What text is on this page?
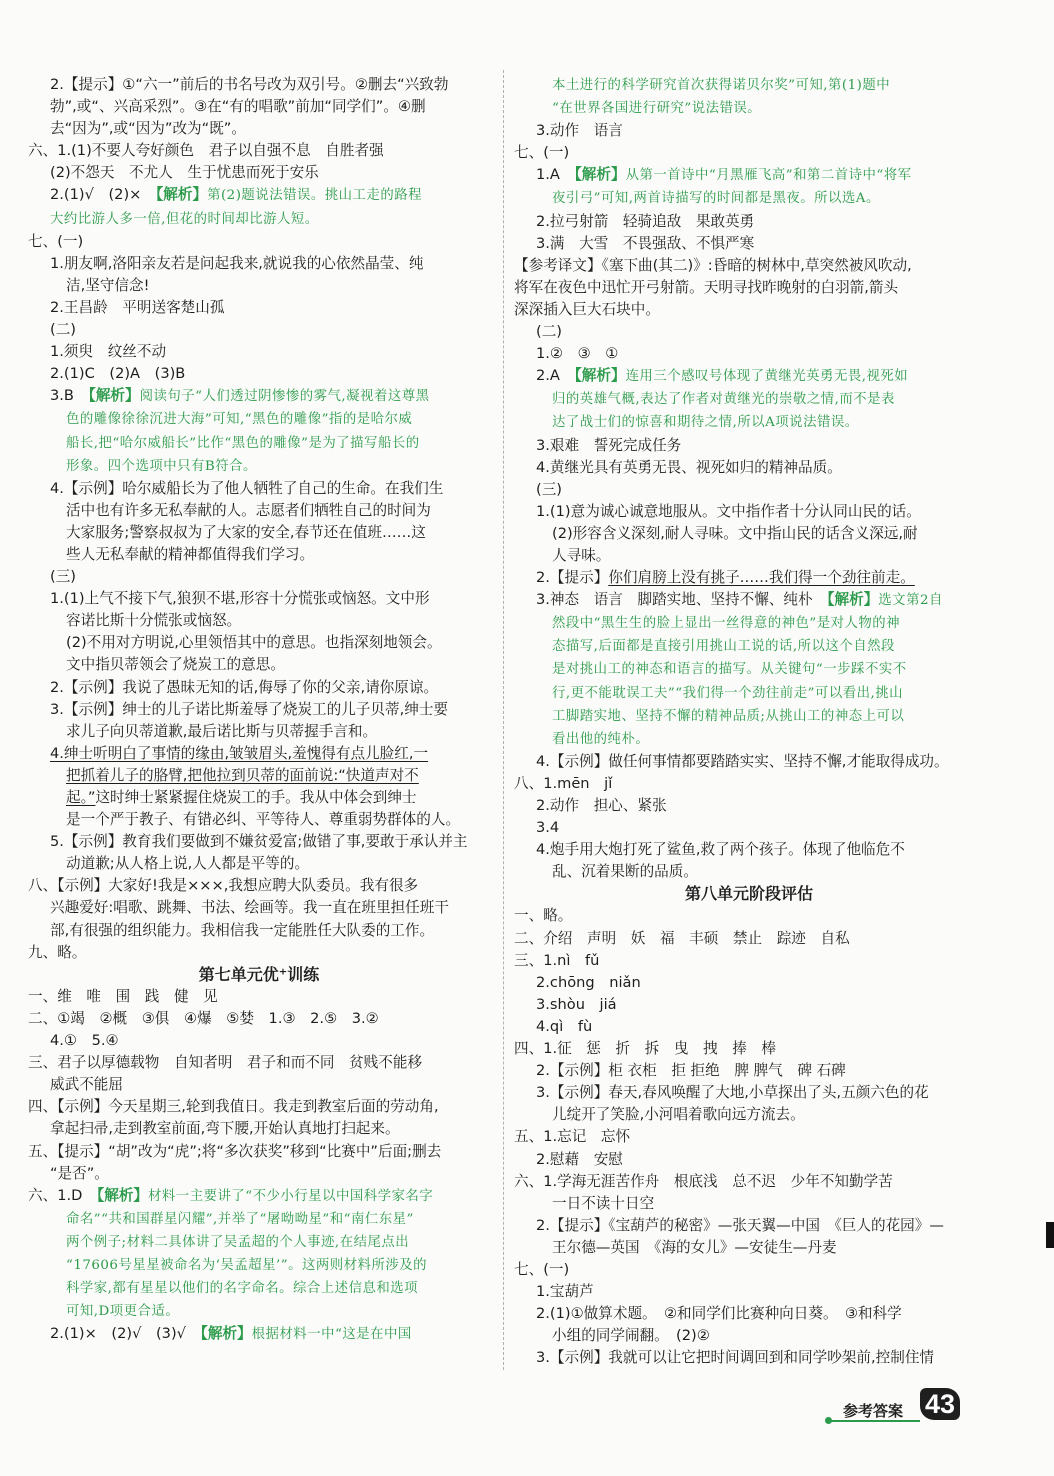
2.【提示】①“六一”前后的书名号改为双引号。②删去“兴致勃
勃”,或“、兴高采烈”。③在“有的唱歌”前加“同学们”。④删
去“因为”,或“因为”改为“既”。
六、1.(1)不要人夸好颜色　君子以自强不息　自胜者强
(2)不怨天　不尤人　生于忧患而死于安乐
2.(1)√　(2)×　【解析】第(2)题说法错误。挑山工走的路程
大约比游人多一倍,但花的时间却比游人短。
七、(一)
1.朋友啊,洛阳亲友若是问起我来,就说我的心依然晶莹、纯
洁,坚守信念!
2.王昌龄　平明送客楚山孤
(二)
1.须臾　纹丝不动
2.(1)C　(2)A　(3)B
3.B　【解析】阅读句子“人们透过阴惨惨的雾气,凝视着这尊黑
色的雕像徐徐沉进大海”可知,“黑色的雕像”指的是哈尔威
船长,把“哈尔威船长”比作“黑色的雕像”是为了描写船长的
形象。四个选项中只有B符合。
4.【示例】哈尔威船长为了他人牺牲了自己的生命。在我们生
活中也有许多无私奉献的人。志愿者们牺牲自己的时间为
大家服务;警察叔叔为了大家的安全,春节还在值班……这
些人无私奉献的精神都值得我们学习。
(三)
1.(1)上气不接下气,狼狈不堪,形容十分慌张或恼怒。文中形
容诺比斯十分慌张或恼怒。
(2)不用对方明说,心里领悟其中的意思。也指深刻地领会。
文中指贝蒂领会了烧炭工的意思。
2.【示例】我说了愚昧无知的话,侮辱了你的父亲,请你原谅。
3.【示例】绅士的儿子诺比斯羞辱了烧炭工的儿子贝蒂,绅士要
求儿子向贝蒂道歉,最后诺比斯与贝蒂握手言和。
4.绅士听明白了事情的缘由,皱皱眉头,羞愧得有点儿脸红,一
把抓着儿子的胳臂,把他拉到贝蒂的面前说:“快道声对不
起。”这时绅士紧紧握住烧炭工的手。我从中体会到绅士
是一个严于教子、有错必纠、平等待人、尊重弱势群体的人。
5.【示例】教育我们要做到不嫌贫爱富;做错了事,要敢于承认并主
动道歉;从人格上说,人人都是平等的。
八、【示例】大家好!我是×××,我想应聘大队委员。我有很多
兴趣爱好:唱歌、跳舞、书法、绘画等。我一直在班里担任班干
部,有很强的组织能力。我相信我一定能胜任大队委的工作。
九、略。
第七单元优⁺训练
一、维　唯　围　践　健　见
二、①竭　②概　③俱　④爆　⑤婪　1.③　2.⑤　3.②
4.①　5.④
三、君子以厚德载物　自知者明　君子和而不同　贫贱不能移
威武不能屈
四、【示例】今天星期三,轮到我值日。我走到教室后面的劳动角,
拿起扫帚,走到教室前面,弯下腰,开始认真地打扫起来。
五、【提示】“胡”改为“虎”;将“多次获奖”移到“比赛中”后面;删去
“是否”。
六、1.D　【解析】材料一主要讲了“不少小行星以中国科学家名字
命名”“共和国群星闪耀”,并举了“屠呦呦星”和“南仁东星”
两个例子;材料二具体讲了吴孟超的个人事迹,在结尾点出
“17606号星星被命名为‘吴孟超星’”。这两则材料所涉及的
科学家,都有星星以他们的名字命名。综合上述信息和选项
可知,D项更合适。
2.(1)×　(2)√　(3)√　【解析】根据材料一中“这是在中国
本土进行的科学研究首次获得诺贝尔奖”可知,第(1)题中
“在世界各国进行研究”说法错误。
3.动作　语言
七、(一)
1.A　【解析】从第一首诗中“月黑雁飞高”和第二首诗中“将军
夜引弓”可知,两首诗描写的时间都是黑夜。所以选A。
2.拉弓射箭　轻骑追敌　果敢英勇
3.满　大雪　不畏强敌、不惧严寒
【参考译文】《塞下曲(其二)》:昏暗的树林中,草突然被风吹动,
将军在夜色中迅忙开弓射箭。天明寻找昨晚射的白羽箭,箭头
深深插入巨大石块中。
(二)
1.②　③　①
2.A　【解析】连用三个感叹号体现了黄继光英勇无畏,视死如
归的英雄气概,表达了作者对黄继光的崇敬之情,而不是表
达了战士们的惊喜和期待之情,所以A项说法错误。
3.艰难　誓死完成任务
4.黄继光具有英勇无畏、视死如归的精神品质。
(三)
1.(1)意为诚心诚意地服从。文中指作者十分认同山民的话。
(2)形容含义深刻,耐人寻味。文中指山民的话含义深远,耐
人寻味。
2.【提示】你们肩膀上没有挑子……我们得一个劲往前走。
3.神态　语言　脚踏实地、坚持不懈、纯朴　【解析】选文第2自
然段中“黑生生的脸上显出一丝得意的神色”是对人物的神
态描写,后面都是直接引用挑山工说的话,所以这个自然段
是对挑山工的神态和语言的描写。从关键句“一步踩不实不
行,更不能耽误工夫”“我们得一个劲往前走”可以看出,挑山
工脚踏实地、坚持不懈的精神品质;从挑山工的神态上可以
看出他的纯朴。
4.【示例】做任何事情都要踏踏实实、坚持不懈,才能取得成功。
八、1.mēn　jǐ
2.动作　担心、紧张
3.4
4.炮手用大炮打死了鲨鱼,救了两个孩子。体现了他临危不
乱、沉着果断的品质。
第八单元阶段评估
一、略。
二、介绍　声明　妖　福　丰硕　禁止　踪迹　自私
三、1.nì　fǔ
2.chōng　niǎn
3.shòu　jiá
4.qì　fù
四、1.征　惩　折　拆　曳　拽　捧　棒
2.【示例】柜 衣柜　拒 拒绝　脾 脾气　碑 石碑
3.【示例】春天,春风唤醒了大地,小草探出了头,五颜六色的花
儿绽开了笑脸,小河唱着歌向远方流去。
五、1.忘记　忘怀
2.慰藉　安慰
六、1.学海无涯苦作舟　根底浅　总不迟　少年不知勤学苦
一日不读十日空
2.【提示】《宝葫芦的秘密》—张天翼—中国　《巨人的花园》—
王尔德—英国　《海的女儿》—安徒生—丹麦
七、(一)
1.宝葫芦
2.(1)①做算术题。　②和同学们比赛种向日葵。　③和科学
小组的同学闹翻。　(2)②
3.【示例】我就可以让它把时间调回到和同学吵架前,控制住情
参考答案 43
